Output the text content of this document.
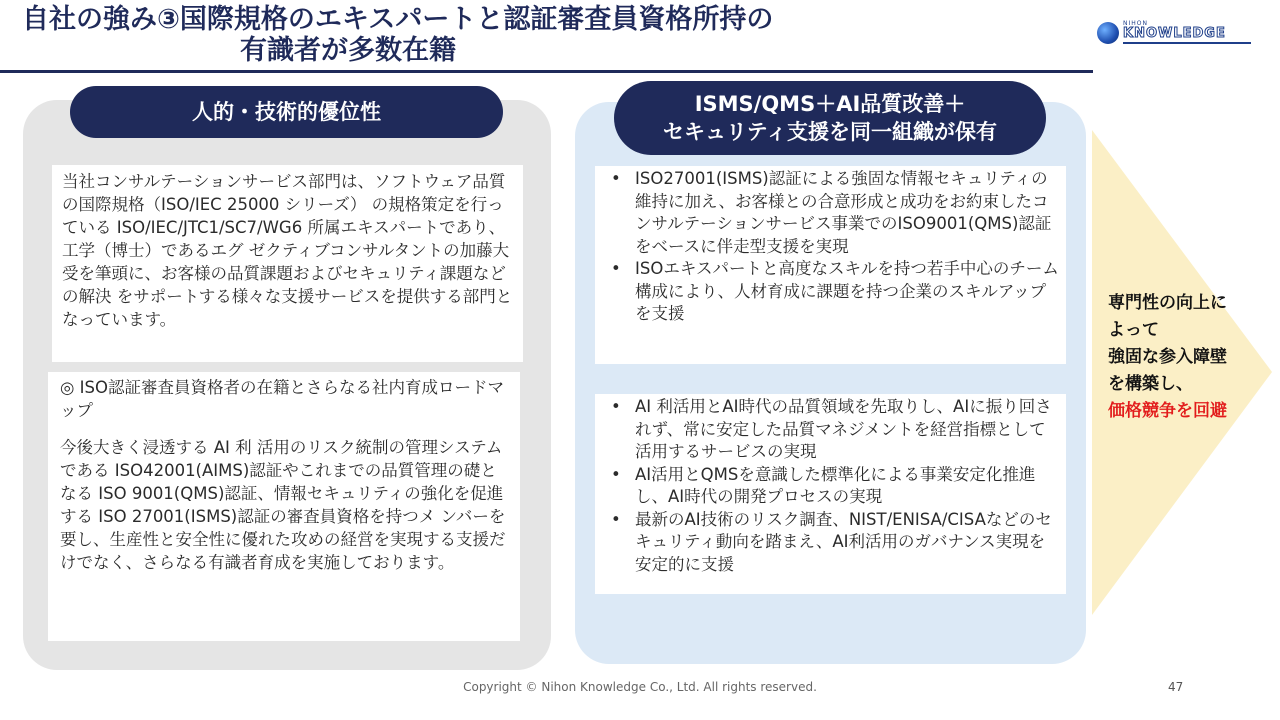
自社の強み③国際規格のエキスパートと認証審査員資格所持の
有識者が多数在籍
NIHON
KNOWLEDGE
人的・技術的優位性

当社コンサルテーションサービス部門は、ソフトウェア品質の国際規格（ISO/IEC 25000 シリーズ） の規格策定を行っている ISO/IEC/JTC1/SC7/WG6 所属エキスパートであり、工学（博士）であるエグ ゼクティブコンサルタントの加藤大受を筆頭に、お客様の品質課題およびセキュリティ課題などの解決 をサポートする様々な支援サービスを提供する部門となっています。

◎ ISO認証審査員資格者の在籍とさらなる社内育成ロードマップ

今後大きく浸透する AI 利 活用のリスク統制の管理システムである ISO42001(AIMS)認証やこれまでの品質管理の礎となる ISO 9001(QMS)認証、情報セキュリティの強化を促進する ISO 27001(ISMS)認証の審査員資格を持つメ ンバーを要し、生産性と安全性に優れた攻めの経営を実現する支援だけでなく、さらなる有識者育成を実施しております。

ISMS/QMS＋AI品質改善＋
セキュリティ支援を同一組織が保有
• ISO27001(ISMS)認証による強固な情報セキュリティの維持に加え、お客様との合意形成と成功をお約束したコンサルテーションサービス事業でのISO9001(QMS)認証をベースに伴走型支援を実現
• ISOエキスパートと高度なスキルを持つ若手中心のチーム構成により、人材育成に課題を持つ企業のスキルアップを支援
• AI 利活用とAI時代の品質領域を先取りし、AIに振り回されず、常に安定した品質マネジメントを経営指標として活用するサービスの実現
• AI活用とQMSを意識した標準化による事業安定化推進し、AI時代の開発プロセスの実現
• 最新のAI技術のリスク調査、NIST/ENISA/CISAなどのセキュリティ動向を踏まえ、AI利活用のガバナンス実現を安定的に支援
専門性の向上に
よって
強固な参入障壁
を構築し、
価格競争を回避
Copyright © Nihon Knowledge Co., Ltd. All rights reserved.	47
